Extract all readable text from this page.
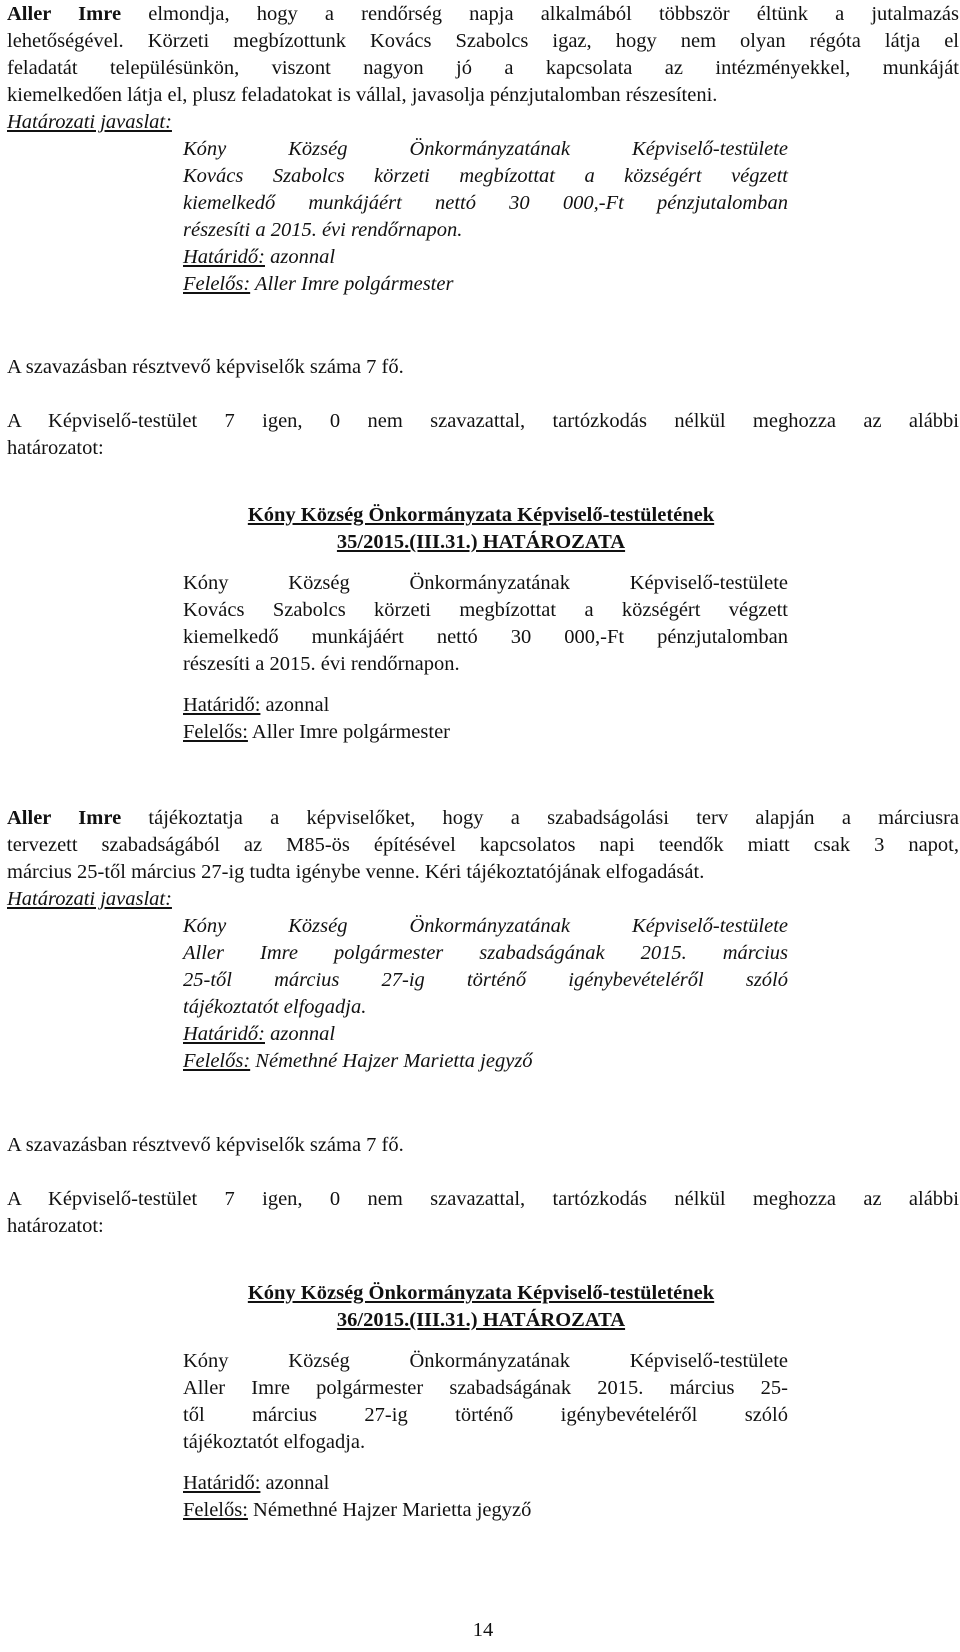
Aller Imre elmondja, hogy a rendőrség napja alkalmából többször éltünk a jutalmazás
lehetőségével. Körzeti megbízottunk Kovács Szabolcs igaz, hogy nem olyan régóta látja el
feladatát településünkön, viszont nagyon jó a kapcsolata az intézményekkel, munkáját
kiemelkedően látja el, plusz feladatokat is vállal, javasolja pénzjutalomban részesíteni.
Határozati javaslat:
Kóny Község Önkormányzatának Képviselő-testülete
Kovács Szabolcs körzeti megbízottat a községért végzett
kiemelkedő munkájáért nettó 30 000,-Ft pénzjutalomban
részesíti a 2015. évi rendőrnapon.
Határidő: azonnal
Felelős: Aller Imre polgármester
A szavazásban résztvevő képviselők száma 7 fő.
A Képviselő-testület 7 igen, 0 nem szavazattal, tartózkodás nélkül meghozza az alábbi
határozatot:
Kóny Község Önkormányzata Képviselő-testületének
35/2015.(III.31.) HATÁROZATA
Kóny Község Önkormányzatának Képviselő-testülete
Kovács Szabolcs körzeti megbízottat a községért végzett
kiemelkedő munkájáért nettó 30 000,-Ft pénzjutalomban
részesíti a 2015. évi rendőrnapon.
Határidő: azonnal
Felelős: Aller Imre polgármester
Aller Imre tájékoztatja a képviselőket, hogy a szabadságolási terv alapján a márciusra
tervezett szabadságából az M85-ös építésével kapcsolatos napi teendők miatt csak 3 napot,
március 25-től március 27-ig tudta igénybe venne. Kéri tájékoztatójának elfogadását.
Határozati javaslat:
Kóny Község Önkormányzatának Képviselő-testülete
Aller Imre polgármester szabadságának 2015. március
25-től március 27-ig történő igénybevételéről szóló
tájékoztatót elfogadja.
Határidő: azonnal
Felelős: Némethné Hajzer Marietta jegyző
A szavazásban résztvevő képviselők száma 7 fő.
A Képviselő-testület 7 igen, 0 nem szavazattal, tartózkodás nélkül meghozza az alábbi
határozatot:
Kóny Község Önkormányzata Képviselő-testületének
36/2015.(III.31.) HATÁROZATA
Kóny Község Önkormányzatának Képviselő-testülete
Aller Imre polgármester szabadságának 2015. március 25-
től március 27-ig történő igénybevételéről szóló
tájékoztatót elfogadja.
Határidő: azonnal
Felelős: Némethné Hajzer Marietta jegyző
14
